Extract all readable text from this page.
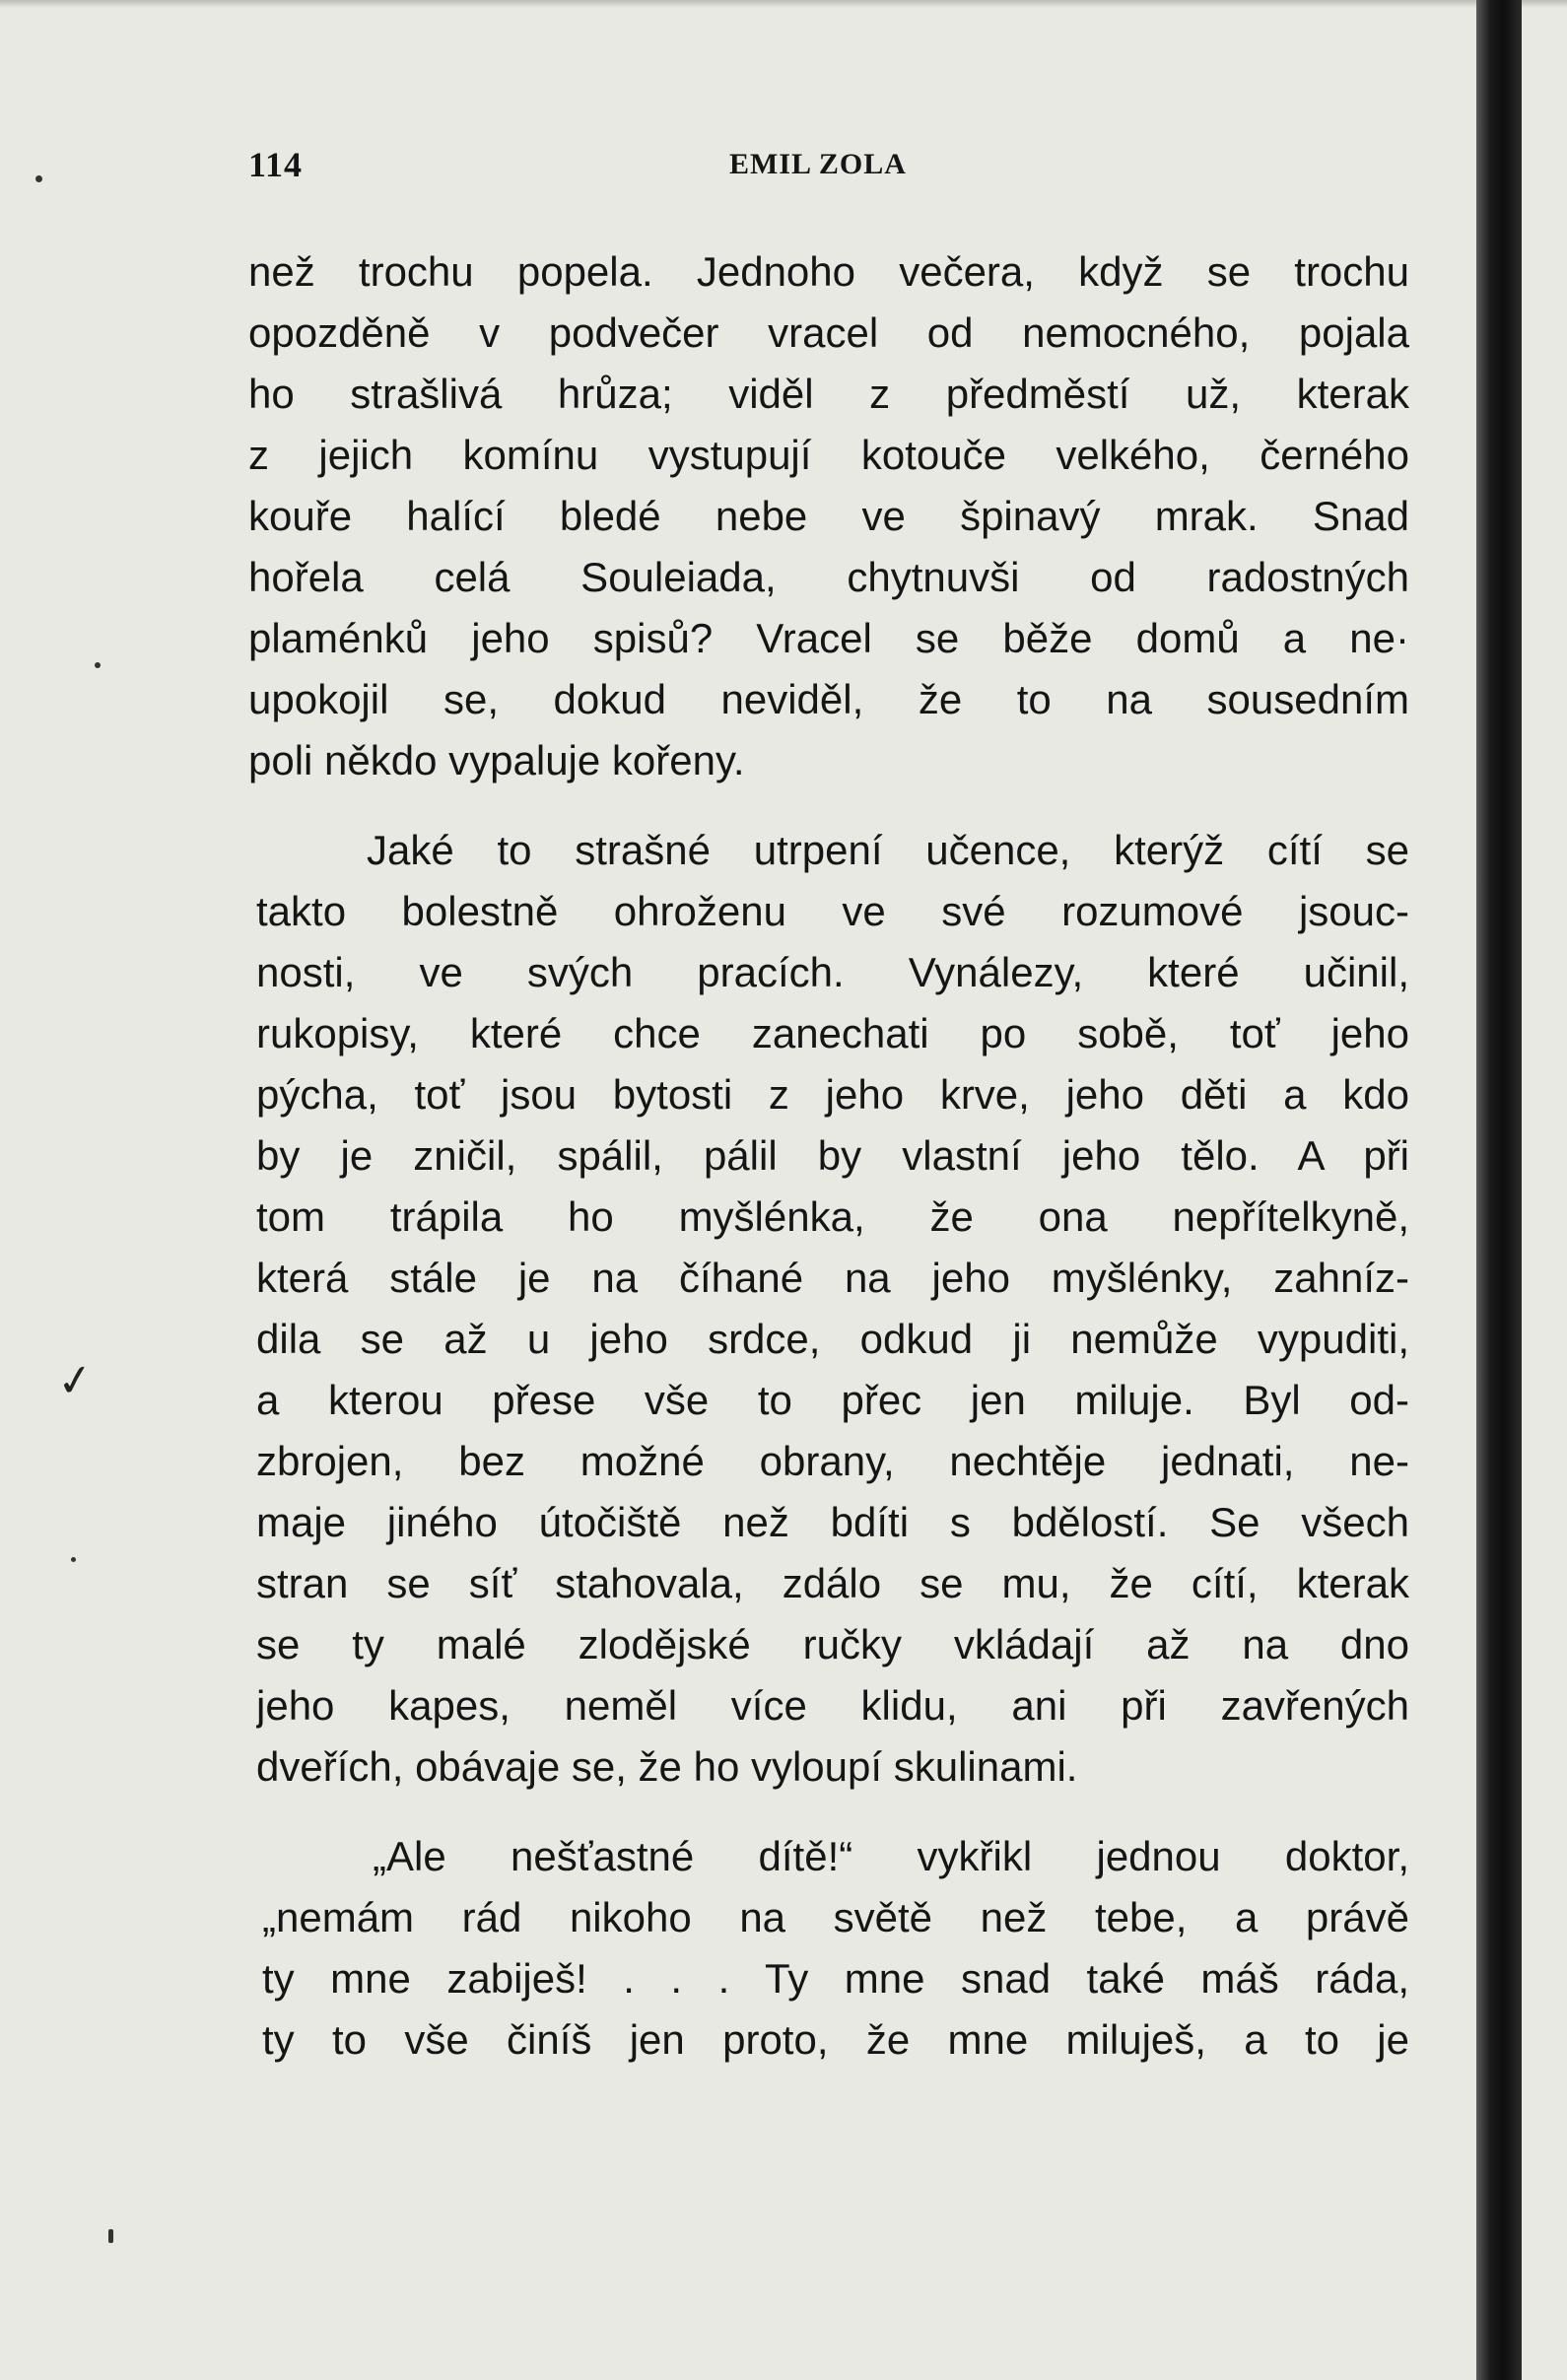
✓
114	EMIL ZOLA
než trochu popela. Jednoho večera, když se trochu
opozděně v podvečer vracel od nemocného, pojala
ho strašlivá hrůza; viděl z předměstí už, kterak
z jejich komínu vystupují kotouče velkého, černého
kouře halící bledé nebe ve špinavý mrak. Snad
hořela celá Souleiada, chytnuvši od radostných
plaménků jeho spisů? Vracel se běže domů a ne·
upokojil se, dokud neviděl, že to na sousedním
poli někdo vypaluje kořeny.
Jaké to strašné utrpení učence, kterýž cítí se
takto bolestně ohroženu ve své rozumové jsouc-
nosti, ve svých pracích. Vynálezy, které učinil,
rukopisy, které chce zanechati po sobě, toť jeho
pýcha, toť jsou bytosti z jeho krve, jeho děti a kdo
by je zničil, spálil, pálil by vlastní jeho tělo. A při
tom trápila ho myšlénka, že ona nepřítelkyně,
která stále je na číhané na jeho myšlénky, zahníz-
dila se až u jeho srdce, odkud ji nemůže vypuditi,
a kterou přese vše to přec jen miluje. Byl od-
zbrojen, bez možné obrany, nechtěje jednati, ne-
maje jiného útočiště než bdíti s bdělostí. Se všech
stran se síť stahovala, zdálo se mu, že cítí, kterak
se ty malé zlodějské ručky vkládají až na dno
jeho kapes, neměl více klidu, ani při zavřených
dveřích, obávaje se, že ho vyloupí skulinami.
„Ale nešťastné dítě!“ vykřikl jednou doktor,
„nemám rád nikoho na světě než tebe, a právě
ty mne zabiješ! . . . Ty mne snad také máš ráda,
ty to vše činíš jen proto, že mne miluješ, a to je
